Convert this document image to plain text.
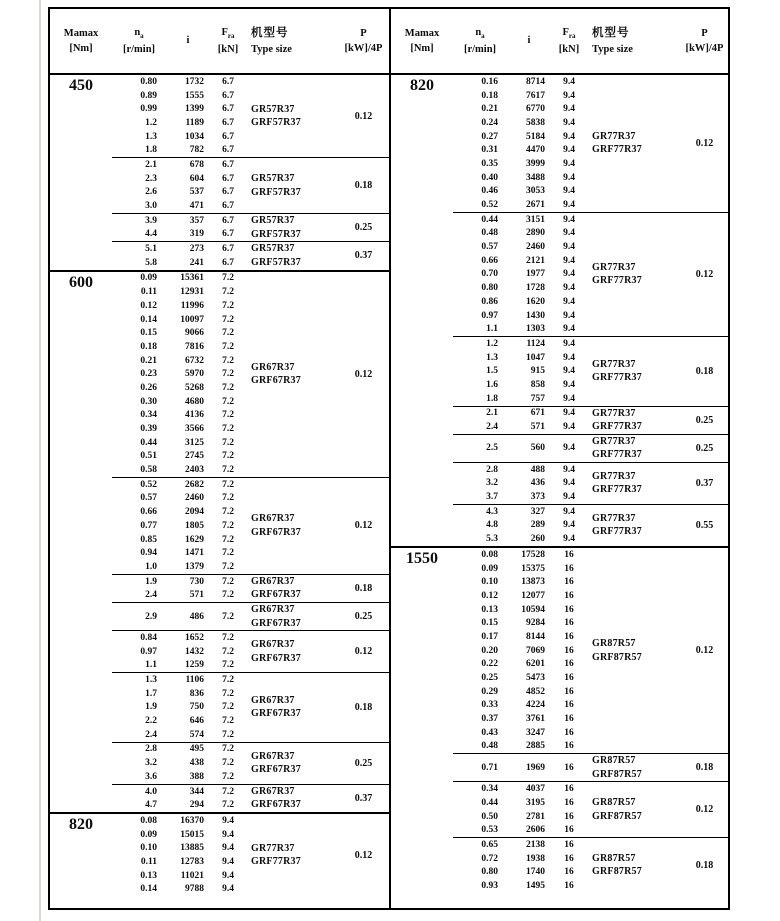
Mamax
[Nm]
$n_a$
[r/min]
i
$F_{ra}$
[kN]
机型号
Type size
P
[kW]/4P
450	0.80	1732	6.7
0.89	1555	6.7
0.99	1399	6.7
1.2	1189	6.7
1.3	1034	6.7
1.8	782	6.7
GR57R37
GRF57R37
0.12
2.1	678	6.7
2.3	604	6.7
2.6	537	6.7
3.0	471	6.7
GR57R37
GRF57R37
0.18
3.9	357	6.7
4.4	319	6.7
GR57R37
GRF57R37
0.25
5.1	273	6.7
5.8	241	6.7
GR57R37
GRF57R37
0.37
600	0.09	15361	7.2
0.11	12931	7.2
0.12	11996	7.2
0.14	10097	7.2
0.15	9066	7.2
0.18	7816	7.2
0.21	6732	7.2
0.23	5970	7.2
0.26	5268	7.2
0.30	4680	7.2
0.34	4136	7.2
0.39	3566	7.2
0.44	3125	7.2
0.51	2745	7.2
0.58	2403	7.2
GR67R37
GRF67R37
0.12
0.52	2682	7.2
0.57	2460	7.2
0.66	2094	7.2
0.77	1805	7.2
0.85	1629	7.2
0.94	1471	7.2
1.0	1379	7.2
GR67R37
GRF67R37
0.12
1.9	730	7.2
2.4	571	7.2
GR67R37
GRF67R37
0.18
2.9	486	7.2
GR67R37
GRF67R37
0.25
0.84	1652	7.2
0.97	1432	7.2
1.1	1259	7.2
GR67R37
GRF67R37
0.12
1.3	1106	7.2
1.7	836	7.2
1.9	750	7.2
2.2	646	7.2
2.4	574	7.2
GR67R37
GRF67R37
0.18
2.8	495	7.2
3.2	438	7.2
3.6	388	7.2
GR67R37
GRF67R37
0.25
4.0	344	7.2
4.7	294	7.2
GR67R37
GRF67R37
0.37
820	0.08	16370	9.4
0.09	15015	9.4
0.10	13885	9.4
0.11	12783	9.4
0.13	11021	9.4
0.14	9788	9.4
GR77R37
GRF77R37
0.12
Mamax
[Nm]
$n_a$
[r/min]
i
$F_{ra}$
[kN]
机型号
Type size
P
[kW]/4P
820	0.16	8714	9.4
0.18	7617	9.4
0.21	6770	9.4
0.24	5838	9.4
0.27	5184	9.4
0.31	4470	9.4
0.35	3999	9.4
0.40	3488	9.4
0.46	3053	9.4
0.52	2671	9.4
GR77R37
GRF77R37
0.12
0.44	3151	9.4
0.48	2890	9.4
0.57	2460	9.4
0.66	2121	9.4
0.70	1977	9.4
0.80	1728	9.4
0.86	1620	9.4
0.97	1430	9.4
1.1	1303	9.4
GR77R37
GRF77R37
0.12
1.2	1124	9.4
1.3	1047	9.4
1.5	915	9.4
1.6	858	9.4
1.8	757	9.4
GR77R37
GRF77R37
0.18
2.1	671	9.4
2.4	571	9.4
GR77R37
GRF77R37
0.25
2.5	560	9.4
GR77R37
GRF77R37
0.25
2.8	488	9.4
3.2	436	9.4
3.7	373	9.4
GR77R37
GRF77R37
0.37
4.3	327	9.4
4.8	289	9.4
5.3	260	9.4
GR77R37
GRF77R37
0.55
1550	0.08	17528	16
0.09	15375	16
0.10	13873	16
0.12	12077	16
0.13	10594	16
0.15	9284	16
0.17	8144	16
0.20	7069	16
0.22	6201	16
0.25	5473	16
0.29	4852	16
0.33	4224	16
0.37	3761	16
0.43	3247	16
0.48	2885	16
GR87R57
GRF87R57
0.12
0.71	1969	16
GR87R57
GRF87R57
0.18
0.34	4037	16
0.44	3195	16
0.50	2781	16
0.53	2606	16
GR87R57
GRF87R57
0.12
0.65	2138	16
0.72	1938	16
0.80	1740	16
0.93	1495	16
GR87R57
GRF87R57
0.18
